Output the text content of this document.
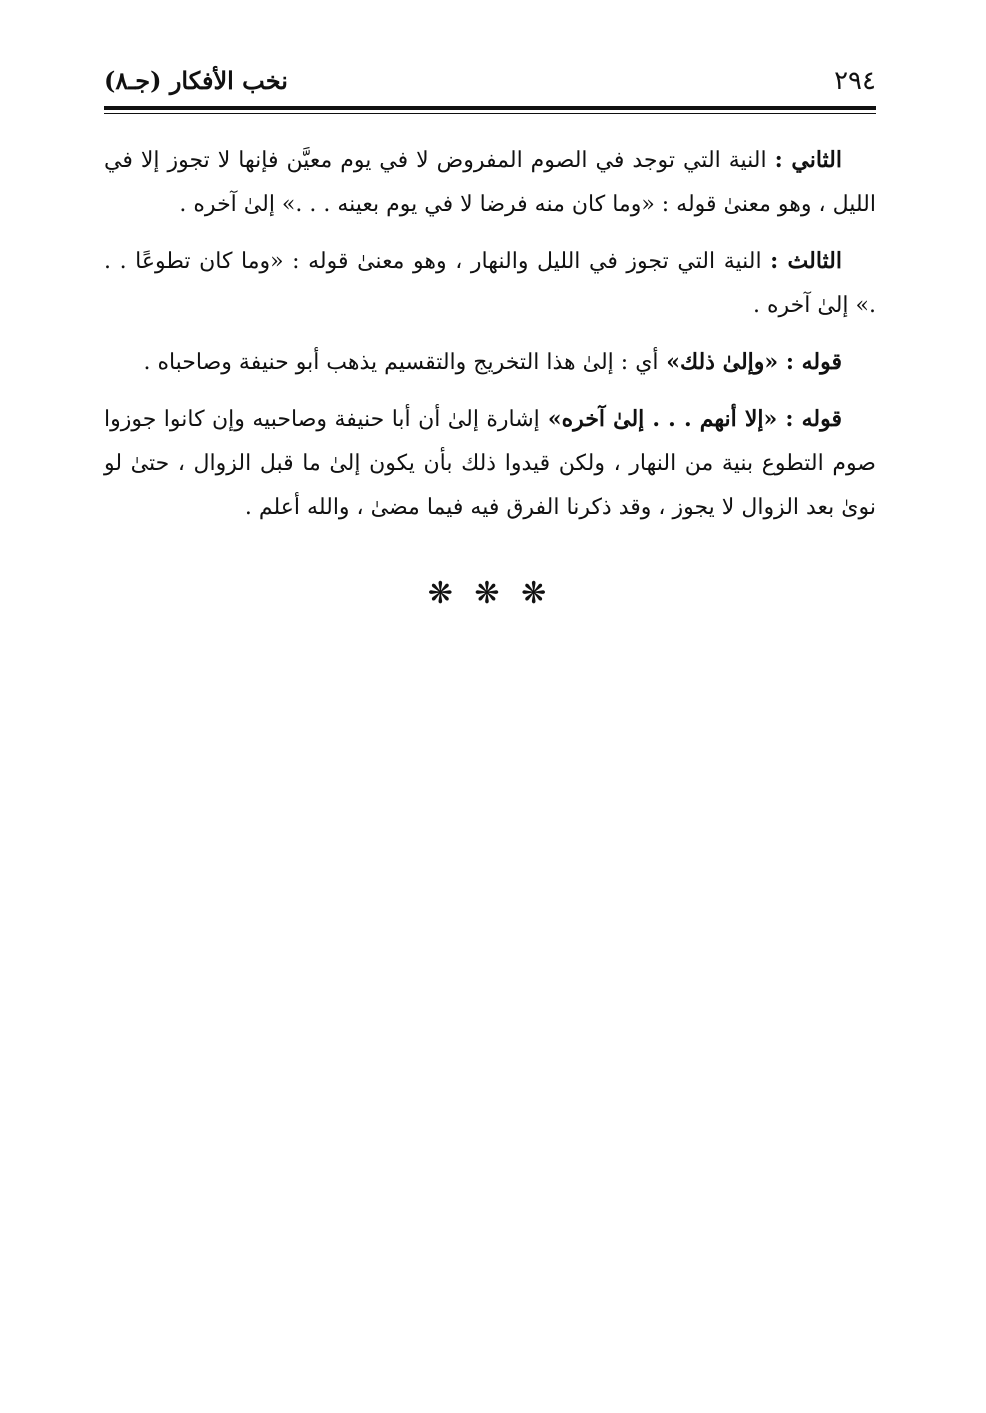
٢٩٤
نخب الأفكار (جـ٨)

الثاني : النية التي توجد في الصوم المفروض لا في يوم معيَّن فإنها لا تجوز إلا في الليل ، وهو معنىٰ قوله : «وما كان منه فرضا لا في يوم بعينه . . .» إلىٰ آخره .

الثالث : النية التي تجوز في الليل والنهار ، وهو معنىٰ قوله : «وما كان تطوعًا . . .» إلىٰ آخره .

قوله : «وإلىٰ ذلك» أي : إلىٰ هذا التخريج والتقسيم يذهب أبو حنيفة وصاحباه .

قوله : «إلا أنهم . . . إلىٰ آخره» إشارة إلىٰ أن أبا حنيفة وصاحبيه وإن كانوا جوزوا صوم التطوع بنية من النهار ، ولكن قيدوا ذلك بأن يكون إلىٰ ما قبل الزوال ، حتىٰ لو نوىٰ بعد الزوال لا يجوز ، وقد ذكرنا الفرق فيه فيما مضىٰ ، والله أعلم .

❋ ❋ ❋
